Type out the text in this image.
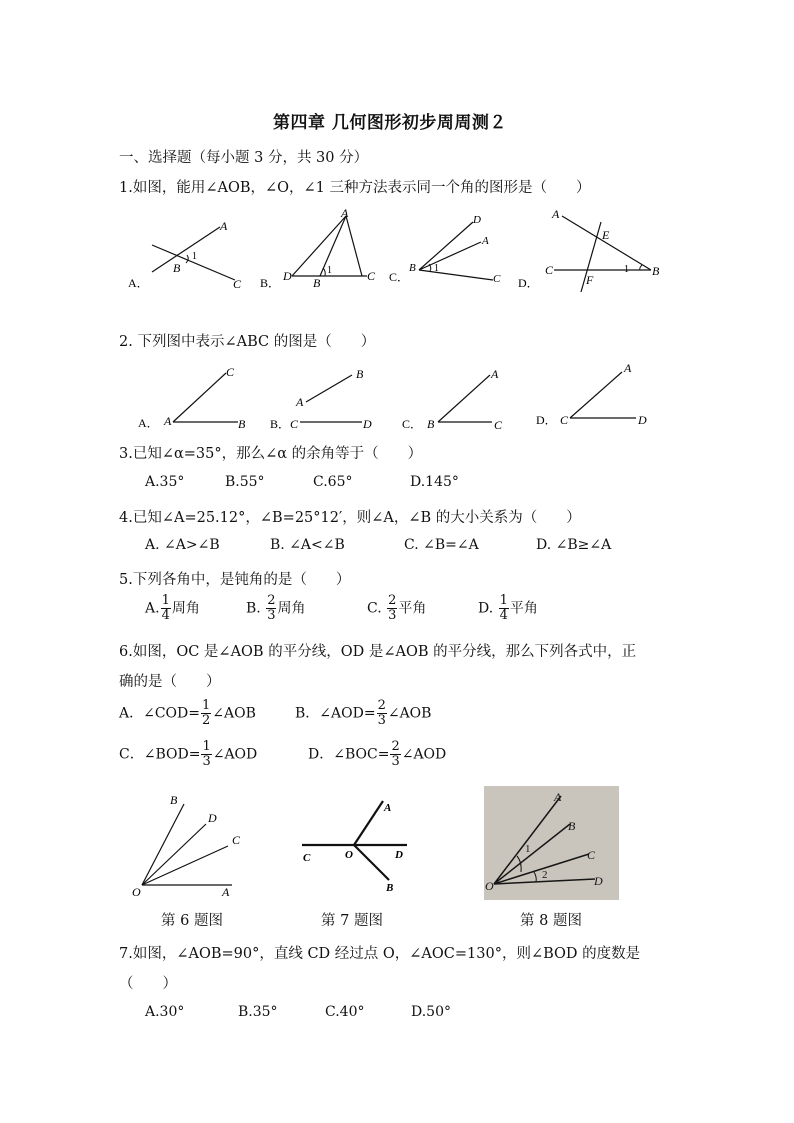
第四章 几何图形初步周周测２
一、选择题（每小题 3 分，共 30 分）
1.如图，能用∠AOB，∠O，∠1 三种方法表示同一个角的图形是（　　）
A．
A
B
1
C B．
A
D B
1	C C．
D
A
B 1
C D．
A
E
C
F
1 B
2. 下列图中表示∠ABC 的图是（　　）
A．
C
A	B B．
A
B
C	D	C．
A
B	C	D．
A
C	D
3.已知∠α=35°，那么∠α 的余角等于（　　）
A.35°	B.55°	C.65°	D.145°
4.已知∠A=25.12°，∠B=25°12′，则∠A，∠B 的大小关系为（　　）
A. ∠A>∠B	B. ∠A<∠B	C. ∠B=∠A	D. ∠B≥∠A
5.下列各角中，是钝角的是（　　）
A. $\frac{1}{4}$ 周角	B. $\frac{2}{3}$ 周角	C. $\frac{2}{3}$ 平角	D. $\frac{1}{4}$ 平角
6.如图，OC 是∠AOB 的平分线，OD 是∠AOB 的平分线，那么下列各式中，正
确的是（　　）
A．∠COD= $\frac{1}{2}$ ∠AOB	B．∠AOD= $\frac{2}{3}$ ∠AOB
C．∠BOD= $\frac{1}{3}$ ∠AOD	D．∠BOC= $\frac{2}{3}$ ∠AOD
B
D
C
O	A
第 6 题图
A
C	O	D
B
第 7 题图
A
B
1	C
2
O	D
第 8 题图
7.如图，∠AOB=90°，直线 CD 经过点 O，∠AOC=130°，则∠BOD 的度数是
（　　）
A.30°	B.35°	C.40°	D.50°
